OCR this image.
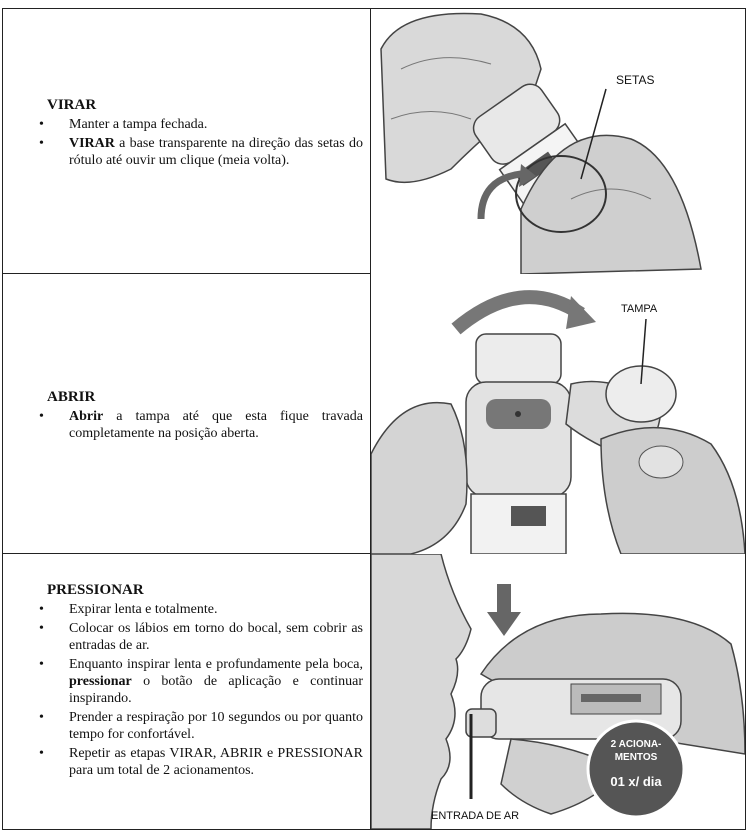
VIRAR
• Manter a tampa fechada.
• VIRAR a base transparente na direção das setas do rótulo até ouvir um clique (meia volta).
SETAS
ABRIR
• Abrir a tampa até que esta fique travada completamente na posição aberta.
TAMPA
PRESSIONAR
• Expirar lenta e totalmente.
• Colocar os lábios em torno do bocal, sem cobrir as entradas de ar.
• Enquanto inspirar lenta e profundamente pela boca, pressionar o botão de aplicação e continuar inspirando.
• Prender a respiração por 10 segundos ou por quanto tempo for confortável.
• Repetir as etapas VIRAR, ABRIR e PRESSIONAR para um total de 2 acionamentos.
ENTRADA DE AR
2 ACIONA-
MENTOS
01 x/ dia
